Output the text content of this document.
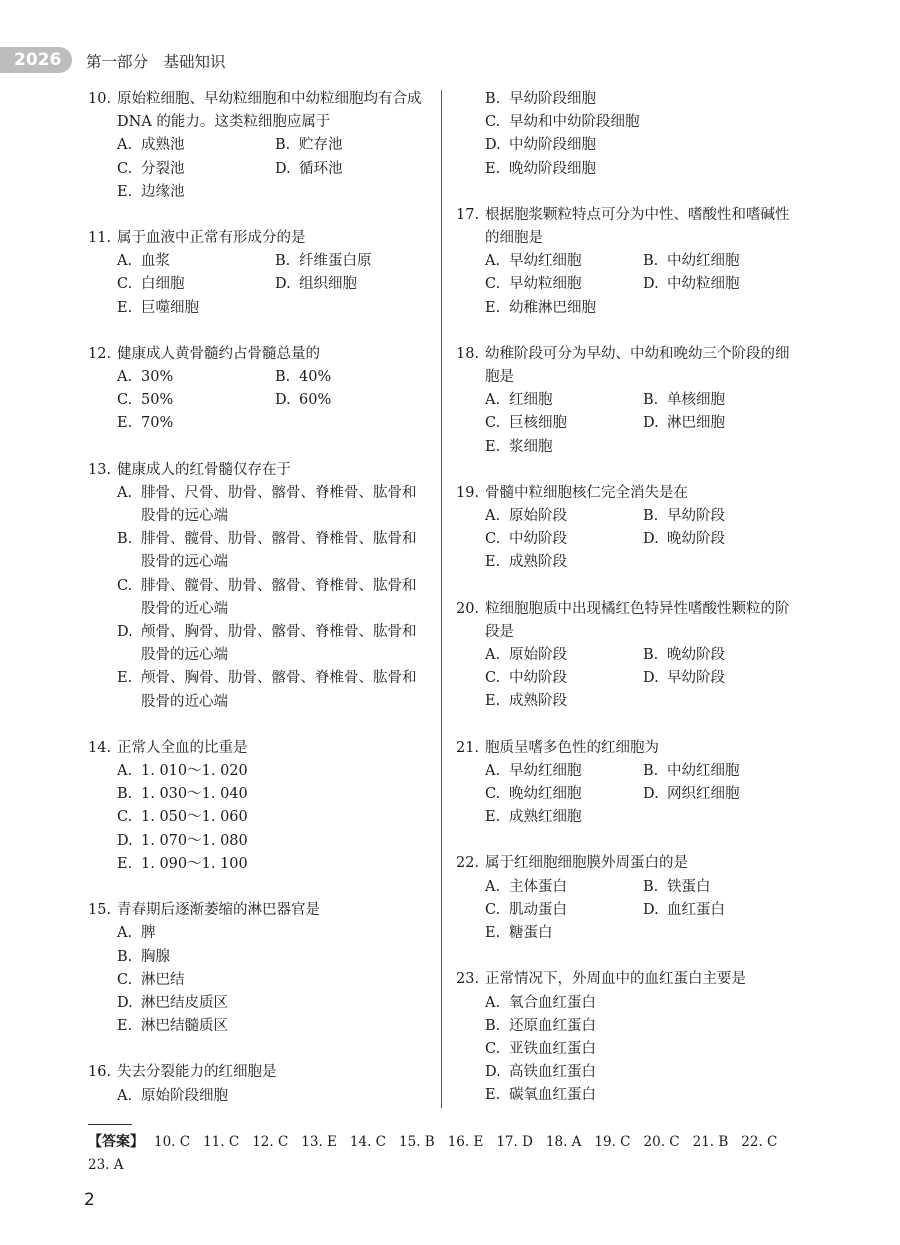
2026	第一部分　基础知识
10. 原始粒细胞、早幼粒细胞和中幼粒细胞均有合成 DNA 的能力。这类粒细胞应属于
A. 成熟池	B. 贮存池
C. 分裂池	D. 循环池
E. 边缘池
11. 属于血液中正常有形成分的是
A. 血浆	B. 纤维蛋白原
C. 白细胞	D. 组织细胞
E. 巨噬细胞
12. 健康成人黄骨髓约占骨髓总量的
A. 30%	B. 40%
C. 50%	D. 60%
E. 70%
13. 健康成人的红骨髓仅存在于
A. 腓骨、尺骨、肋骨、髂骨、脊椎骨、肱骨和股骨的远心端
B. 腓骨、髋骨、肋骨、髂骨、脊椎骨、肱骨和股骨的远心端
C. 腓骨、髋骨、肋骨、髂骨、脊椎骨、肱骨和股骨的近心端
D. 颅骨、胸骨、肋骨、髂骨、脊椎骨、肱骨和股骨的远心端
E. 颅骨、胸骨、肋骨、髂骨、脊椎骨、肱骨和股骨的近心端
14. 正常人全血的比重是
A. 1. 010～1. 020
B. 1. 030～1. 040
C. 1. 050～1. 060
D. 1. 070～1. 080
E. 1. 090～1. 100
15. 青春期后逐渐萎缩的淋巴器官是
A. 脾
B. 胸腺
C. 淋巴结
D. 淋巴结皮质区
E. 淋巴结髓质区
16. 失去分裂能力的红细胞是
A. 原始阶段细胞
B. 早幼阶段细胞
C. 早幼和中幼阶段细胞
D. 中幼阶段细胞
E. 晚幼阶段细胞
17. 根据胞浆颗粒特点可分为中性、嗜酸性和嗜碱性的细胞是
A. 早幼红细胞	B. 中幼红细胞
C. 早幼粒细胞	D. 中幼粒细胞
E. 幼稚淋巴细胞
18. 幼稚阶段可分为早幼、中幼和晚幼三个阶段的细胞是
A. 红细胞	B. 单核细胞
C. 巨核细胞	D. 淋巴细胞
E. 浆细胞
19. 骨髓中粒细胞核仁完全消失是在
A. 原始阶段	B. 早幼阶段
C. 中幼阶段	D. 晚幼阶段
E. 成熟阶段
20. 粒细胞胞质中出现橘红色特异性嗜酸性颗粒的阶段是
A. 原始阶段	B. 晚幼阶段
C. 中幼阶段	D. 早幼阶段
E. 成熟阶段
21. 胞质呈嗜多色性的红细胞为
A. 早幼红细胞	B. 中幼红细胞
C. 晚幼红细胞	D. 网织红细胞
E. 成熟红细胞
22. 属于红细胞细胞膜外周蛋白的是
A. 主体蛋白	B. 铁蛋白
C. 肌动蛋白	D. 血红蛋白
E. 糖蛋白
23. 正常情况下，外周血中的血红蛋白主要是
A. 氧合血红蛋白
B. 还原血红蛋白
C. 亚铁血红蛋白
D. 高铁血红蛋白
E. 碳氧血红蛋白
【答案】 10. C 11. C 12. C 13. E 14. C 15. B 16. E 17. D 18. A 19. C 20. C 21. B 22. C23. A
2
